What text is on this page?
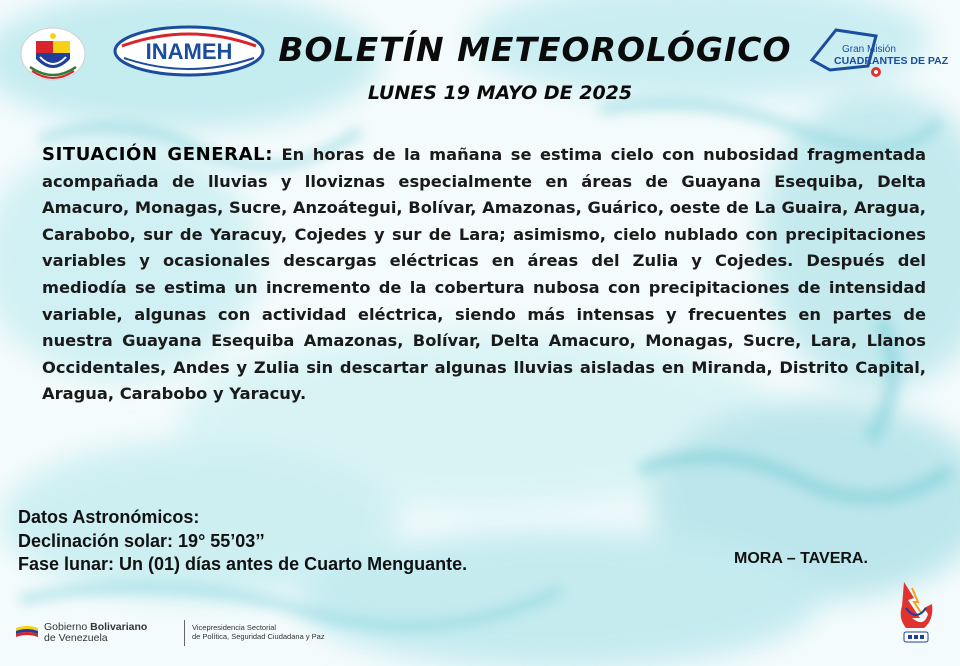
INAMEH BOLETÍN METEOROLÓGICO
LUNES 19 MAYO DE 2025
Gran Misión
CUADRANTES DE PAZ
SITUACIÓN GENERAL: En horas de la mañana se estima cielo con nubosidad fragmentada acompañada de lluvias y lloviznas especialmente en áreas de Guayana Esequiba, Delta Amacuro, Monagas, Sucre, Anzoátegui, Bolívar, Amazonas, Guárico, oeste de La Guaira, Aragua, Carabobo, sur de Yaracuy, Cojedes y sur de Lara; asimismo, cielo nublado con precipitaciones variables y ocasionales descargas eléctricas en áreas del Zulia y Cojedes. Después del mediodía se estima un incremento de la cobertura nubosa con precipitaciones de intensidad variable, algunas con actividad eléctrica, siendo más intensas y frecuentes en partes de nuestra Guayana Esequiba Amazonas, Bolívar, Delta Amacuro, Monagas, Sucre, Lara, Llanos Occidentales, Andes y Zulia sin descartar algunas lluvias aisladas en Miranda, Distrito Capital, Aragua, Carabobo y Yaracuy.
Datos Astronómicos:
Declinación solar: 19° 55’03’’
Fase lunar: Un (01) días antes de Cuarto Menguante.	MORA – TAVERA.
Gobierno Bolivariano
de Venezuela
Vicepresidencia Sectorial
de Política, Seguridad Ciudadana y Paz
